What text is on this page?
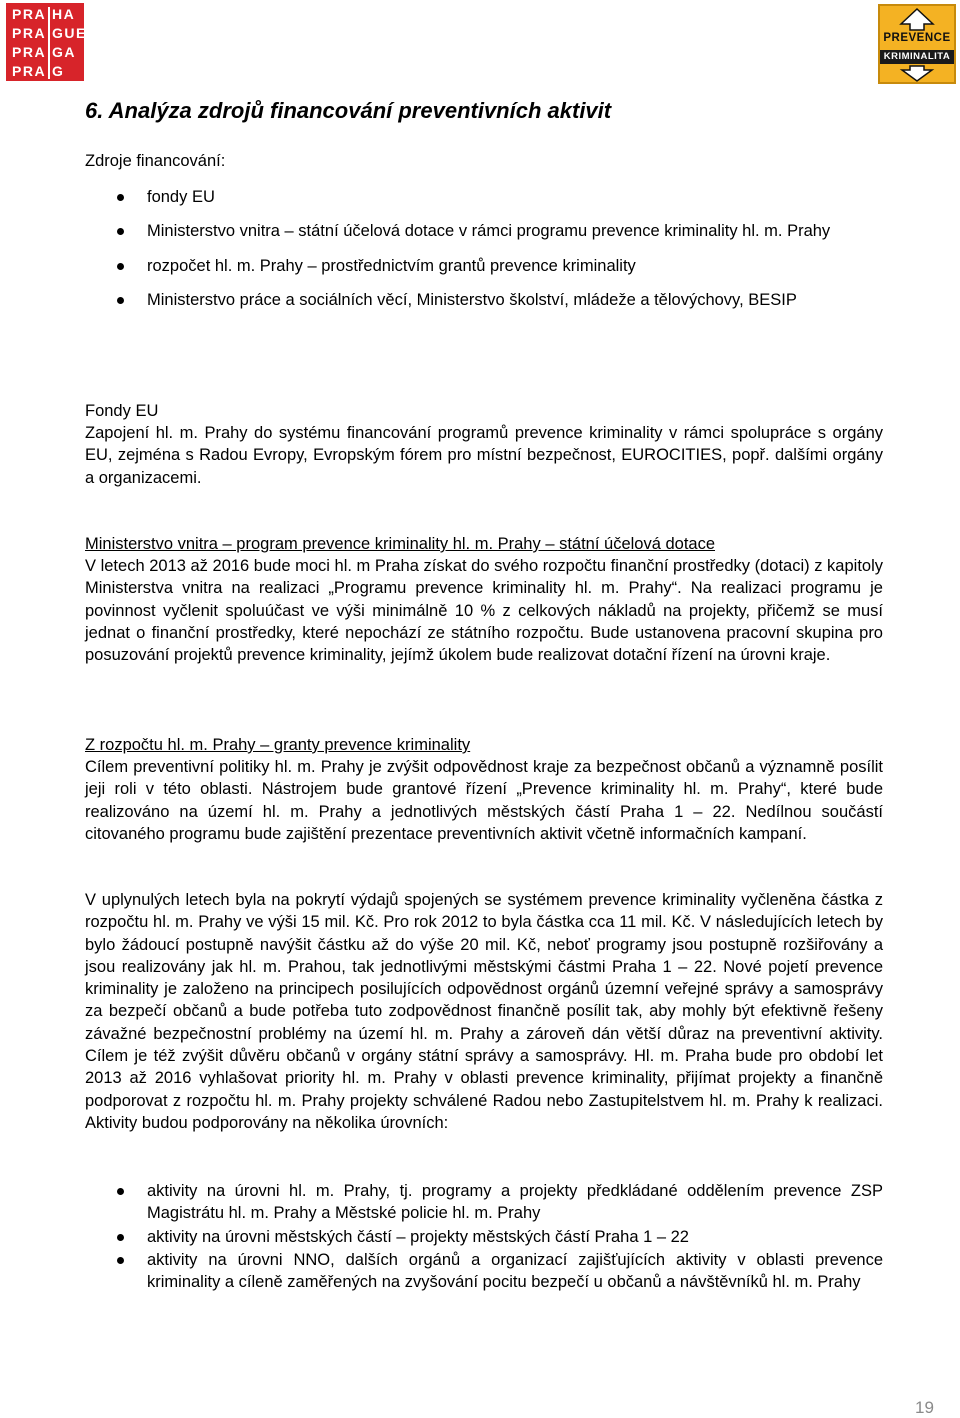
PRA HA
PRA GUE
PRA GA
PRA G
PREVENCE
KRIMINALITA
6. Analýza zdrojů financování preventivních aktivit

Zdroje financování:

fondy EU
Ministerstvo vnitra – státní účelová dotace v rámci programu prevence kriminality hl. m. Prahy
rozpočet hl. m. Prahy – prostřednictvím grantů prevence kriminality
Ministerstvo práce a sociálních věcí, Ministerstvo školství, mládeže a tělovýchovy, BESIP

Fondy EU

Zapojení hl. m. Prahy do systému financování programů prevence kriminality v rámci spolupráce s orgány EU, zejména s Radou Evropy, Evropským fórem pro místní bezpečnost, EUROCITIES, popř. dalšími orgány a organizacemi.

Ministerstvo vnitra – program prevence kriminality hl. m. Prahy – státní účelová dotace

V letech 2013 až 2016 bude moci hl. m Praha získat do svého rozpočtu finanční prostředky (dotaci) z kapitoly Ministerstva vnitra na realizaci „Programu prevence kriminality hl. m. Prahy“. Na realizaci programu je povinnost vyčlenit spoluúčast ve výši minimálně 10 % z celkových nákladů na projekty, přičemž se musí jednat o finanční prostředky, které nepochází ze státního rozpočtu. Bude ustanovena pracovní skupina pro posuzování projektů prevence kriminality, jejímž úkolem bude realizovat dotační řízení na úrovni kraje.

Z rozpočtu hl. m. Prahy – granty prevence kriminality

Cílem preventivní politiky hl. m. Prahy je zvýšit odpovědnost kraje za bezpečnost občanů a významně posílit jeji roli v této oblasti. Nástrojem bude grantové řízení „Prevence kriminality hl. m. Prahy“, které bude realizováno na území hl. m. Prahy a jednotlivých městských částí Praha 1 – 22. Nedílnou součástí citovaného programu bude zajištění prezentace preventivních aktivit včetně informačních kampaní.

V uplynulých letech byla na pokrytí výdajů spojených se systémem prevence kriminality vyčleněna částka z rozpočtu hl. m. Prahy ve výši 15 mil. Kč. Pro rok 2012 to byla částka cca 11 mil. Kč. V následujících letech by bylo žádoucí postupně navýšit částku až do výše 20 mil. Kč, neboť programy jsou postupně rozšiřovány a jsou realizovány jak hl. m. Prahou, tak jednotlivými městskými částmi Praha 1 – 22. Nové pojetí prevence kriminality je založeno na principech posilujících odpovědnost orgánů územní veřejné správy a samosprávy za bezpečí občanů a bude potřeba tuto zodpovědnost finančně posílit tak, aby mohly být efektivně řešeny závažné bezpečnostní problémy na území hl. m. Prahy a zároveň dán větší důraz na preventivní aktivity. Cílem je též zvýšit důvěru občanů v orgány státní správy a samosprávy. Hl. m. Praha bude pro období let 2013 až 2016 vyhlašovat priority hl. m. Prahy v oblasti prevence kriminality, přijímat projekty a finančně podporovat z rozpočtu hl. m. Prahy projekty schválené Radou nebo Zastupitelstvem hl. m. Prahy k realizaci. Aktivity budou podporovány na několika úrovních:

aktivity na úrovni hl. m. Prahy, tj. programy a projekty předkládané oddělením prevence ZSP Magistrátu hl. m. Prahy a Městské policie hl. m. Prahy
aktivity na úrovni městských částí – projekty městských částí Praha 1 – 22
aktivity na úrovni NNO, dalších orgánů a organizací zajišťujících aktivity v oblasti prevence kriminality a cíleně zaměřených na zvyšování pocitu bezpečí u občanů a návštěvníků hl. m. Prahy
19
